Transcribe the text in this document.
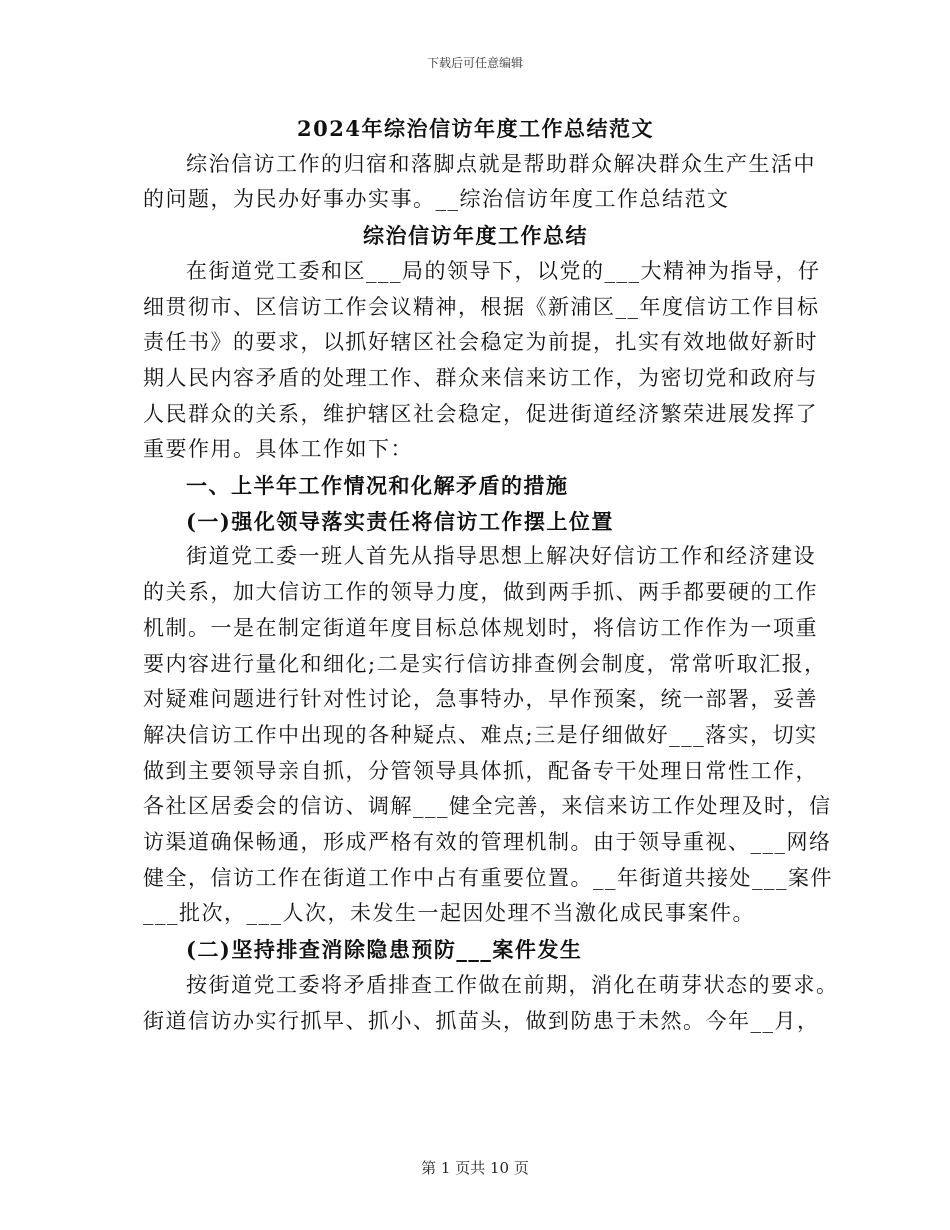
下载后可任意编辑
2024年综治信访年度工作总结范文
综治信访工作的归宿和落脚点就是帮助群众解决群众生产生活中
的问题，为民办好事办实事。__综治信访年度工作总结范文
综治信访年度工作总结
在街道党工委和区___局的领导下，以党的___大精神为指导，仔
细贯彻市、区信访工作会议精神，根据《新浦区__年度信访工作目标
责任书》的要求，以抓好辖区社会稳定为前提，扎实有效地做好新时
期人民内容矛盾的处理工作、群众来信来访工作，为密切党和政府与
人民群众的关系，维护辖区社会稳定，促进街道经济繁荣进展发挥了
重要作用。具体工作如下：
一、上半年工作情况和化解矛盾的措施
(一)强化领导落实责任将信访工作摆上位置
街道党工委一班人首先从指导思想上解决好信访工作和经济建设
的关系，加大信访工作的领导力度，做到两手抓、两手都要硬的工作
机制。一是在制定街道年度目标总体规划时，将信访工作作为一项重
要内容进行量化和细化;二是实行信访排查例会制度，常常听取汇报，
对疑难问题进行针对性讨论，急事特办，早作预案，统一部署，妥善
解决信访工作中出现的各种疑点、难点;三是仔细做好___落实，切实
做到主要领导亲自抓，分管领导具体抓，配备专干处理日常性工作，
各社区居委会的信访、调解___健全完善，来信来访工作处理及时，信
访渠道确保畅通，形成严格有效的管理机制。由于领导重视、___网络
健全，信访工作在街道工作中占有重要位置。__年街道共接处___案件
___批次，___人次，未发生一起因处理不当激化成民事案件。
(二)坚持排查消除隐患预防___案件发生
按街道党工委将矛盾排查工作做在前期，消化在萌芽状态的要求。
街道信访办实行抓早、抓小、抓苗头，做到防患于未然。今年__月，
第 1 页共 10 页
